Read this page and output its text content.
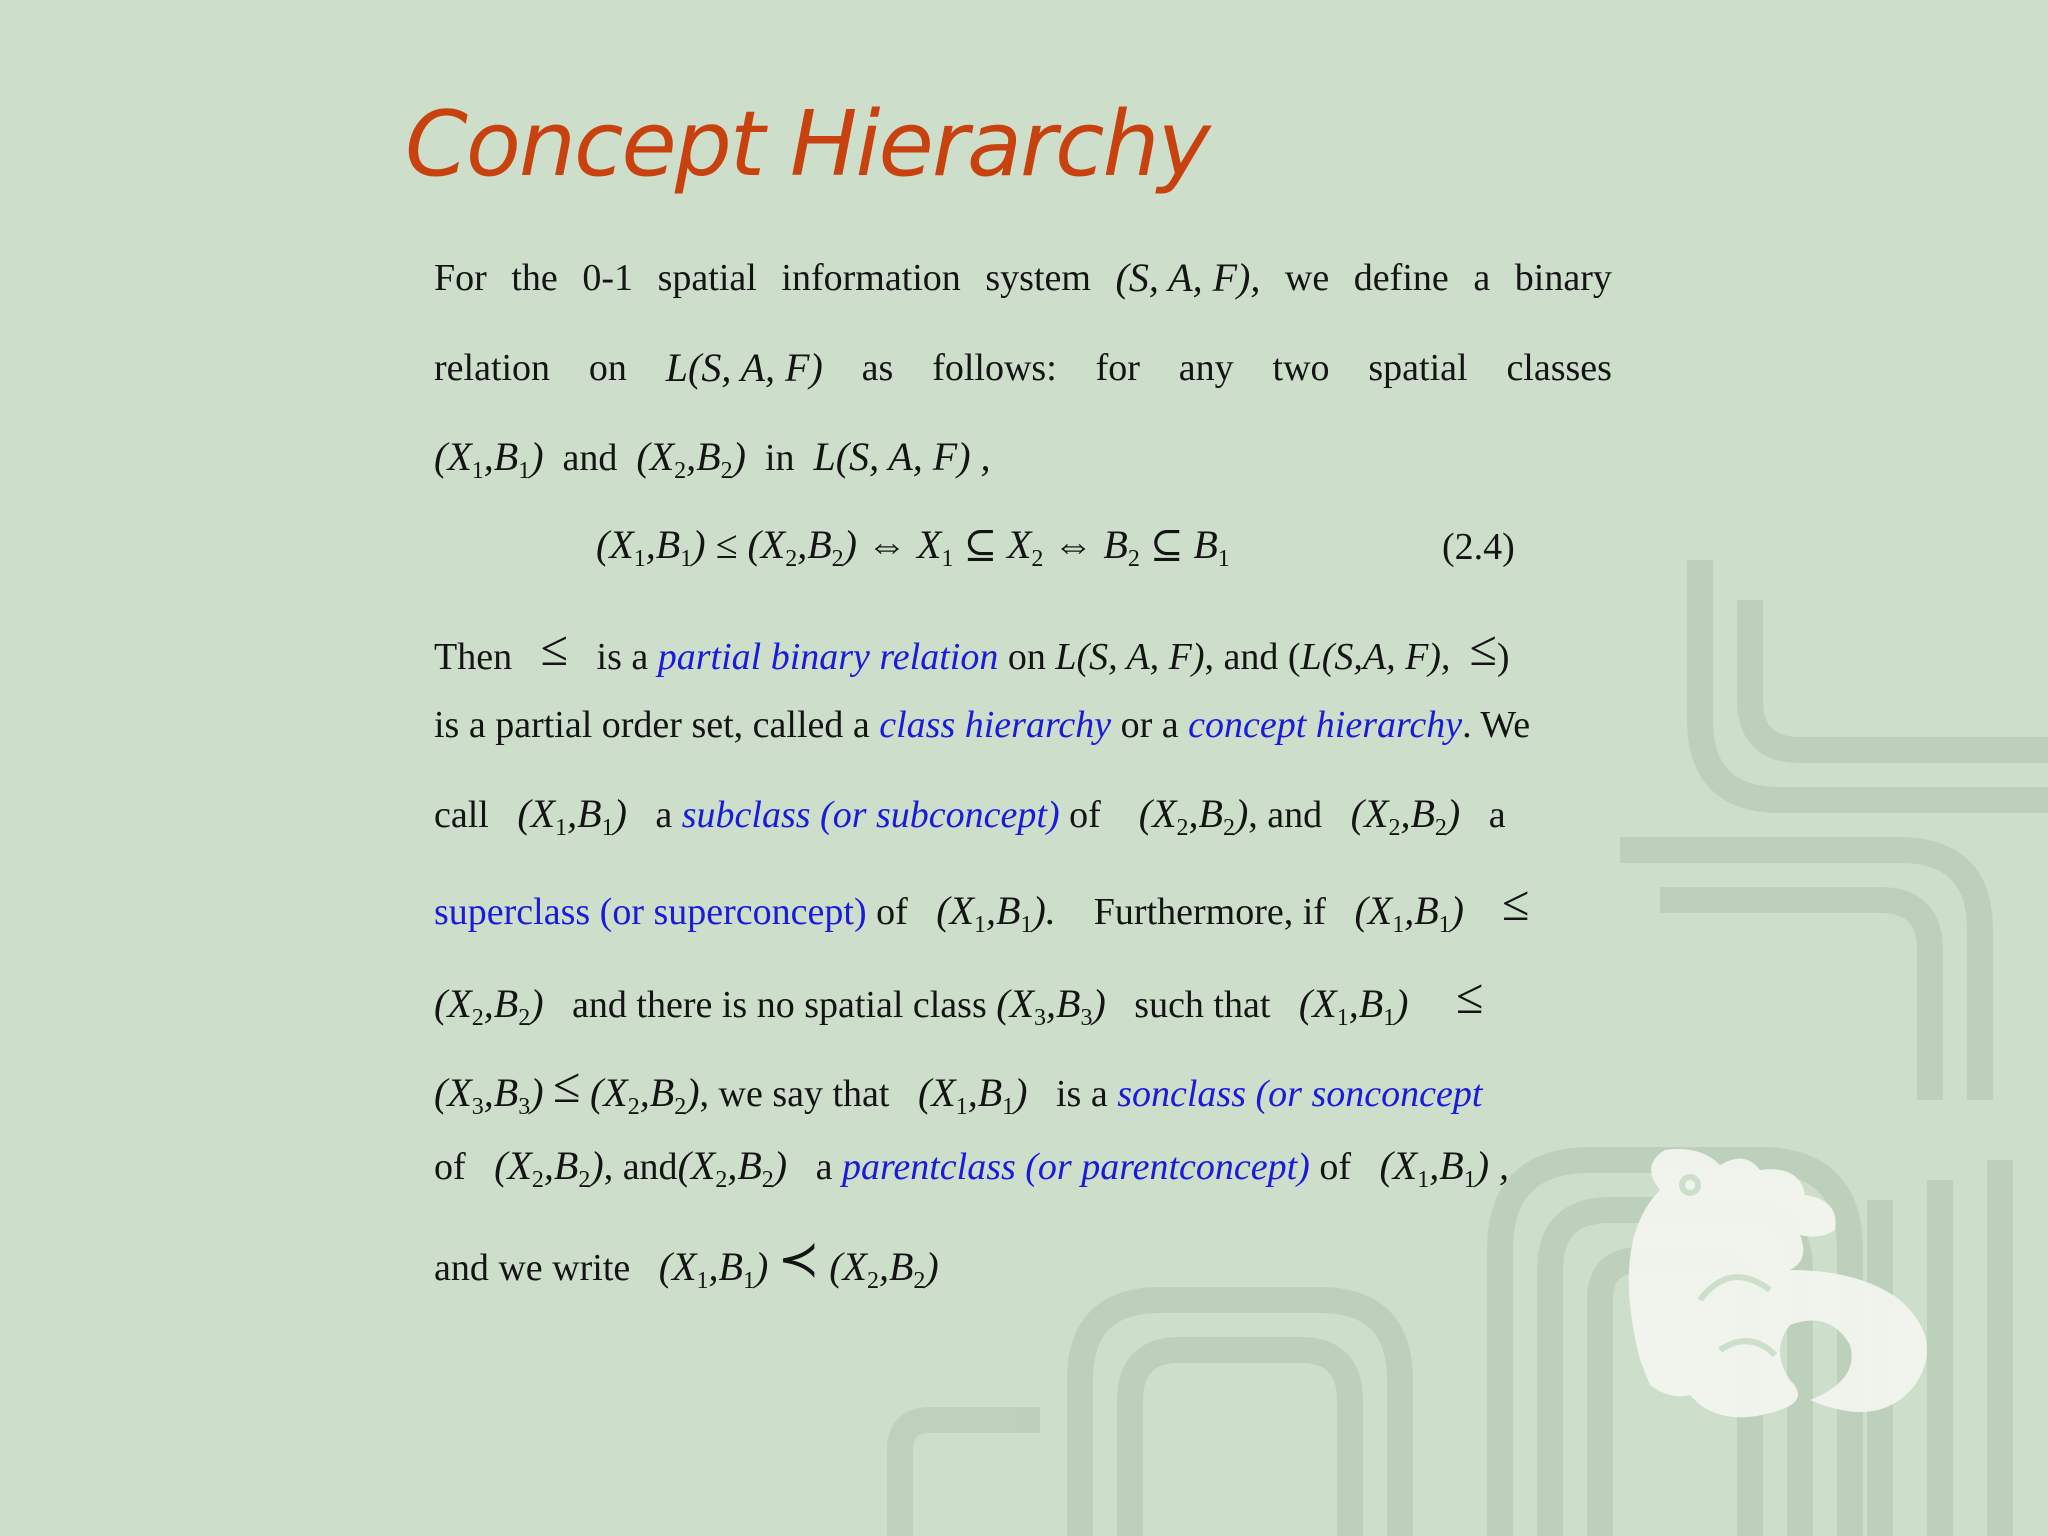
Concept Hierarchy
For the 0-1 spatial information system (S, A, F), we define a binary
relation on L(S, A, F) as follows: for any two spatial classes
$(X_1,B_1)$ and $(X_2,B_2)$ in L(S, A, F) ,
$(X_1,B_1) \le (X_2,B_2)$ ⇔ $X_1$ ⊆ $X_2$ ⇔ $B_2$ ⊆ $B_1$	(2.4)
Then ≤ is a partial binary relation on L(S, A, F), and (L(S,A, F), ≤)
is a partial order set, called a class hierarchy or a concept hierarchy. We
call $(X_1,B_1)$ a subclass (or subconcept) of $(X_2,B_2)$, and $(X_2,B_2)$ a
superclass (or superconcept) of $(X_1,B_1)$. Furthermore, if $(X_1,B_1)$ ≤
$(X_2,B_2)$ and there is no spatial class $(X_3,B_3)$ such that $(X_1,B_1)$ ≤
$(X_3,B_3) \le (X_2,B_2)$, we say that $(X_1,B_1)$ is a sonclass (or sonconcept
of $(X_2,B_2)$, $and(X_2,B_2)$ a parentclass (or parentconcept) of $(X_1,B_1)$ ,
and we write $(X_1,B_1)$ ≺ $(X_2,B_2)$
